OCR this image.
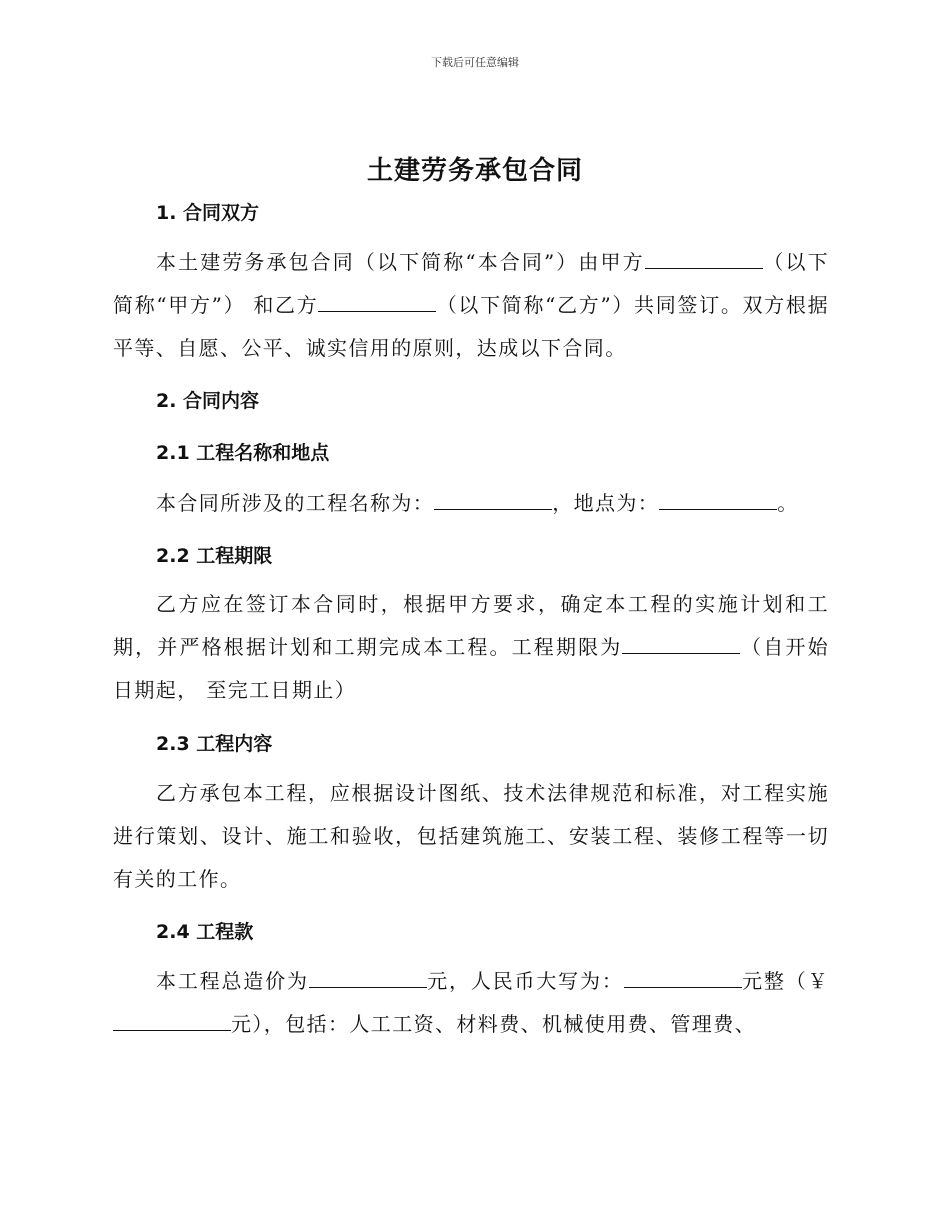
下载后可任意编辑
土建劳务承包合同
1. 合同双方

本土建劳务承包合同（以下简称“本合同”）由甲方	（以下简称“甲方”） 和乙方	（以下简称“乙方”）共同签订。双方根据平等、自愿、公平、诚实信用的原则，达成以下合同。

2. 合同内容
2.1 工程名称和地点

本合同所涉及的工程名称为：	，地点为：	。

2.2 工程期限

乙方应在签订本合同时，根据甲方要求，确定本工程的实施计划和工期，并严格根据计划和工期完成本工程。工程期限为	（自开始日期起， 至完工日期止）

2.3 工程内容

乙方承包本工程，应根据设计图纸、技术法律规范和标准，对工程实施进行策划、设计、施工和验收，包括建筑施工、安装工程、装修工程等一切有关的工作。

2.4 工程款

本工程总造价为	元，人民币大写为：	元整（￥元），包括：人工工资、材料费、机械使用费、管理费、
